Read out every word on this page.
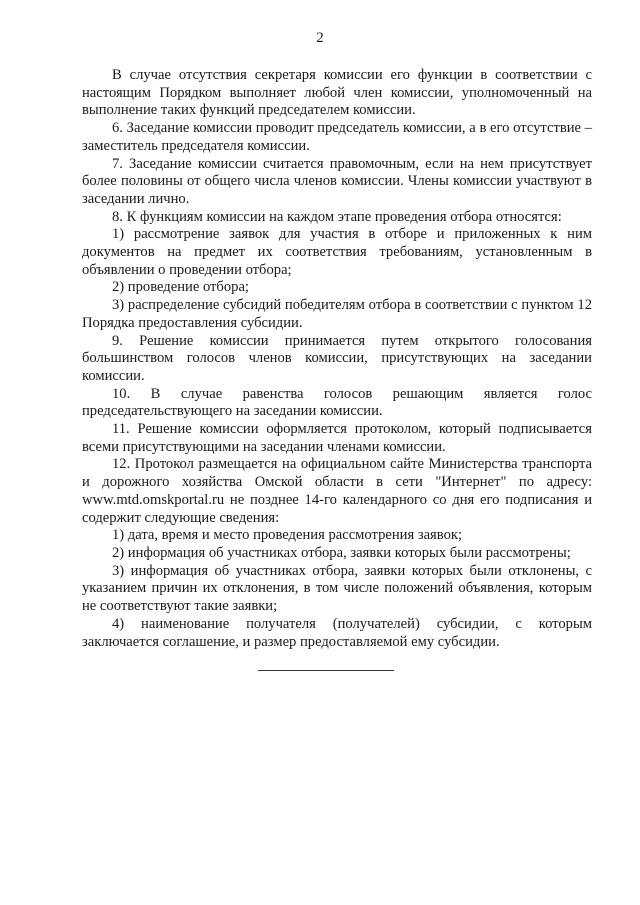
2

В случае отсутствия секретаря комиссии его функции в соответствии с настоящим Порядком выполняет любой член комиссии, уполномоченный на выполнение таких функций председателем комиссии.

6. Заседание комиссии проводит председатель комиссии, а в его отсутствие – заместитель председателя комиссии.

7. Заседание комиссии считается правомочным, если на нем присутствует более половины от общего числа членов комиссии. Члены комиссии участвуют в заседании лично.

8. К функциям комиссии на каждом этапе проведения отбора относятся:

1) рассмотрение заявок для участия в отборе и приложенных к ним документов на предмет их соответствия требованиям, установленным в объявлении о проведении отбора;

2) проведение отбора;

3) распределение субсидий победителям отбора в соответствии с пунктом 12 Порядка предоставления субсидии.

9. Решение комиссии принимается путем открытого голосования большинством голосов членов комиссии, присутствующих на заседании комиссии.

10. В случае равенства голосов решающим является голос председательствующего на заседании комиссии.

11. Решение комиссии оформляется протоколом, который подписывается всеми присутствующими на заседании членами комиссии.

12. Протокол размещается на официальном сайте Министерства транспорта и дорожного хозяйства Омской области в сети "Интернет" по адресу: www.mtd.omskportal.ru не позднее 14-го календарного со дня его подписания и содержит следующие сведения:

1) дата, время и место проведения рассмотрения заявок;

2) информация об участниках отбора, заявки которых были рассмотрены;

3) информация об участниках отбора, заявки которых были отклонены, с указанием причин их отклонения, в том числе положений объявления, которым не соответствуют такие заявки;

4) наименование получателя (получателей) субсидии, с которым заключается соглашение, и размер предоставляемой ему субсидии.
